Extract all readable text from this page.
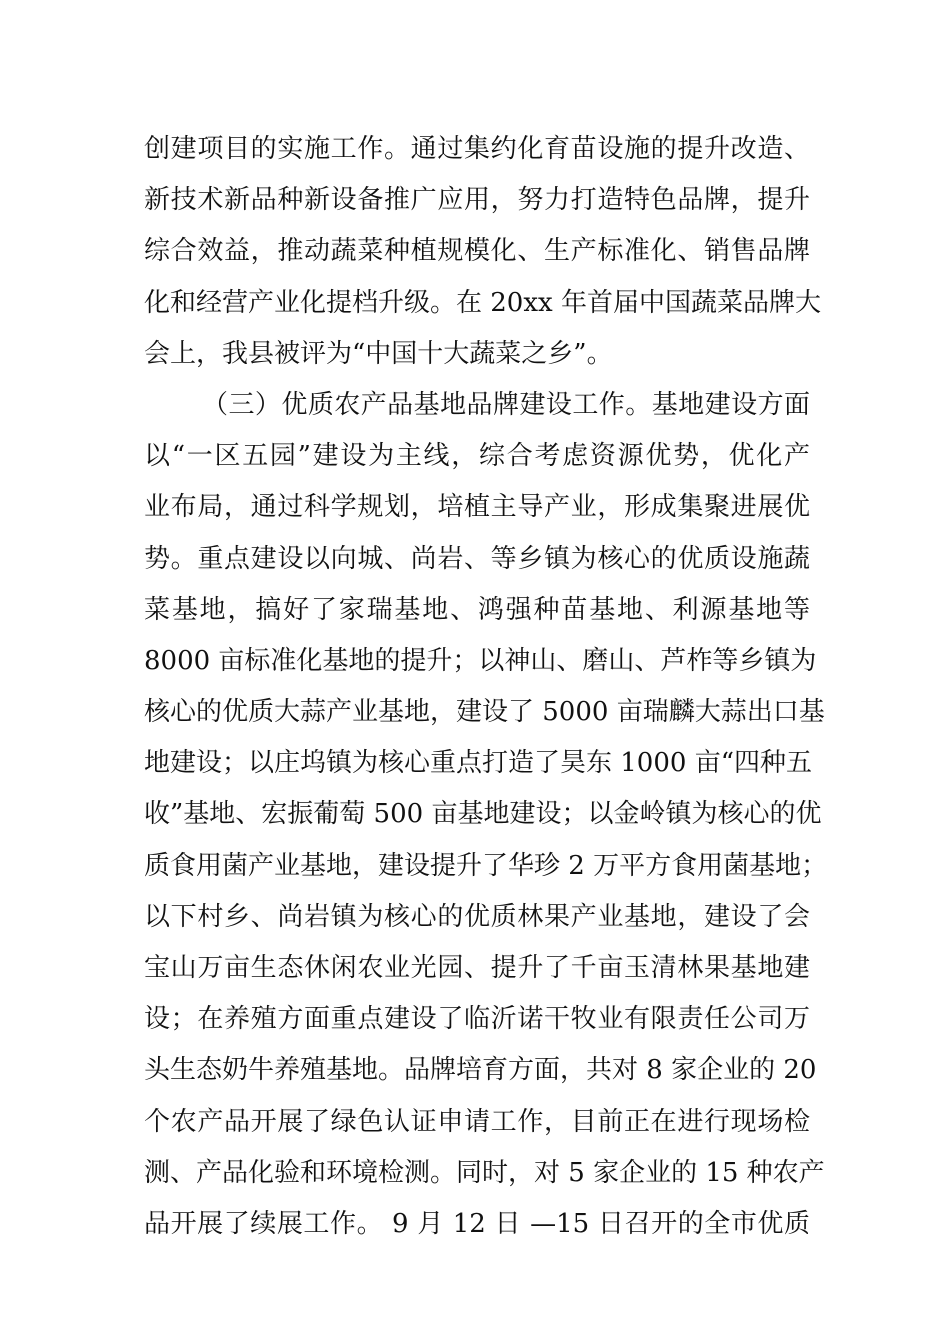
创建项目的实施工作。通过集约化育苗设施的提升改造、
新技术新品种新设备推广应用，努力打造特色品牌，提升
综合效益，推动蔬菜种植规模化、生产标准化、销售品牌
化和经营产业化提档升级。在 20xx 年首届中国蔬菜品牌大
会上，我县被评为“中国十大蔬菜之乡”。
（三）优质农产品基地品牌建设工作。基地建设方面
以“一区五园”建设为主线，综合考虑资源优势，优化产
业布局，通过科学规划，培植主导产业，形成集聚进展优
势。重点建设以向城、尚岩、等乡镇为核心的优质设施蔬
菜基地，搞好了家瑞基地、鸿强种苗基地、利源基地等
8000 亩标准化基地的提升；以神山、磨山、芦柞等乡镇为
核心的优质大蒜产业基地，建设了 5000 亩瑞麟大蒜出口基
地建设；以庄坞镇为核心重点打造了昊东 1000 亩“四种五
收”基地、宏振葡萄 500 亩基地建设；以金岭镇为核心的优
质食用菌产业基地，建设提升了华珍 2 万平方食用菌基地；
以下村乡、尚岩镇为核心的优质林果产业基地，建设了会
宝山万亩生态休闲农业光园、提升了千亩玉清林果基地建
设；在养殖方面重点建设了临沂诺干牧业有限责任公司万
头生态奶牛养殖基地。品牌培育方面，共对 8 家企业的 20
个农产品开展了绿色认证申请工作，目前正在进行现场检
测、产品化验和环境检测。同时，对 5 家企业的 15 种农产
品开展了续展工作。 9 月 12 日 —15 日召开的全市优质
